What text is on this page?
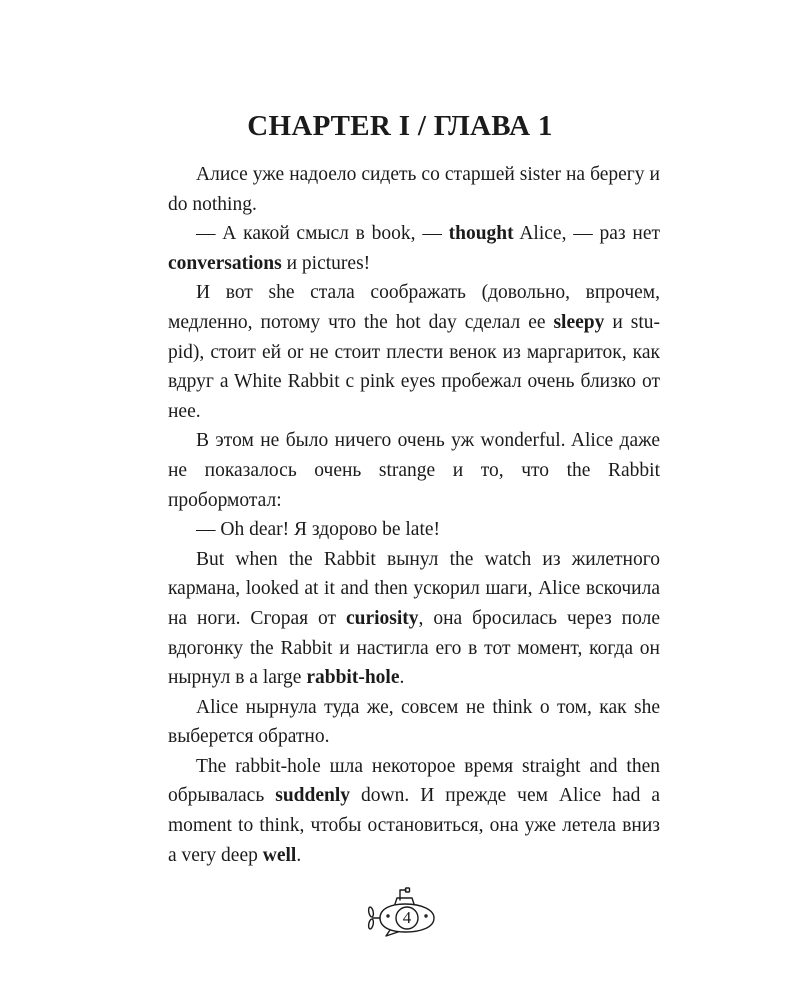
CHAPTER I / ГЛАВА 1

Алисе уже надоело сидеть со старшей sister на берегу и do nothing.

— А какой смысл в book, — thought Alice, — раз нет conversations и pictures!

И вот she стала соображать (довольно, впрочем, медленно, потому что the hot day сделал ее sleepy и stu-pid), стоит ей or не стоит плести венок из маргариток, как вдруг a White Rabbit с pink eyes пробежал очень близко от нее.

В этом не было ничего очень уж wonderful. Alice даже не показалось очень strange и то, что the Rabbit пробормотал:

— Oh dear! Я здорово be late!

But when the Rabbit вынул the watch из жилетного кармана, looked at it and then ускорил шаги, Alice вскочила на ноги. Сгорая от curiosity, она бросилась через поле вдогонку the Rabbit и настигла его в тот момент, когда он нырнул в a large rabbit-hole.

Alice нырнула туда же, совсем не think о том, как she выберется обратно.

The rabbit-hole шла некоторое время straight and then обрывалась suddenly down. И прежде чем Alice had a moment to think, чтобы остановиться, она уже летела вниз a very deep well.

4
